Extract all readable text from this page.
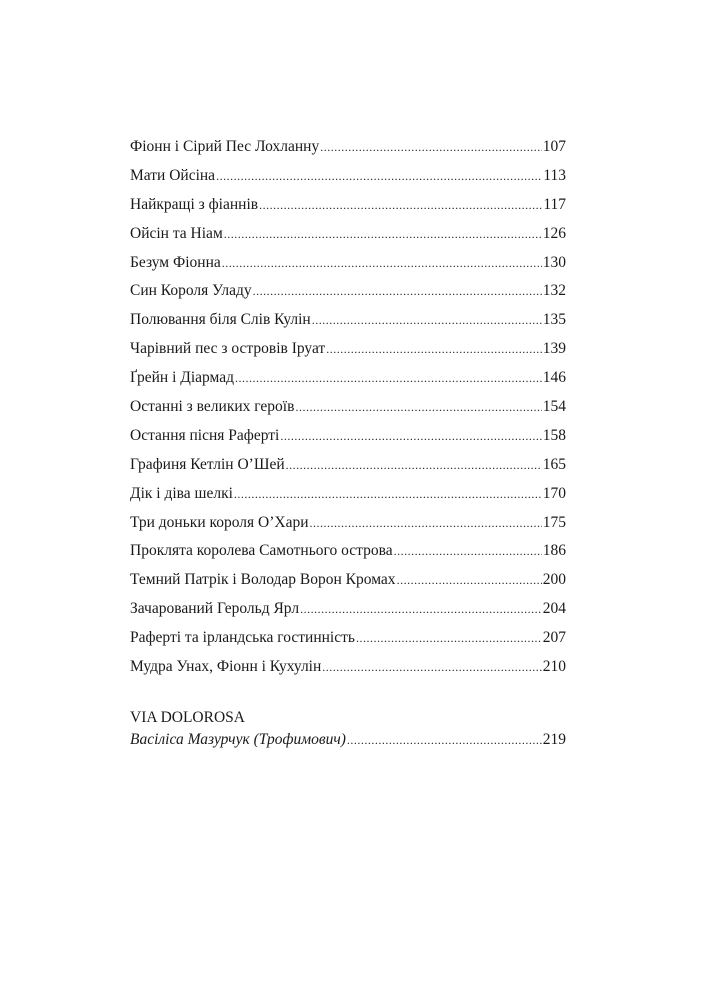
Фіонн і Сірий Пес Лохланну .....	107
Мати Ойсіна .....	113
Найкращі з фіаннів .....	117
Ойсін та Ніам .....	126
Безум Фіонна .....	130
Син Короля Уладу .....	132
Полювання біля Слів Кулін .....	135
Чарівний пес з островів Іруат .....	139
Ґрейн і Діармад .....	146
Останні з великих героїв .....	154
Остання пісня Раферті .....	158
Графиня Кетлін О’Шей .....	165
Дік і діва шелкі .....	170
Три доньки короля О’Хари .....	175
Проклята королева Самотнього острова .....	186
Темний Патрік і Володар Ворон Кромах .....	200
Зачарований Герольд Ярл .....	204
Раферті та ірландська гостинність .....	207
Мудра Унах, Фіонн і Кухулін .....	210
VIA DOLOROSA
Васіліса Мазурчук (Трофимович) .....	219
